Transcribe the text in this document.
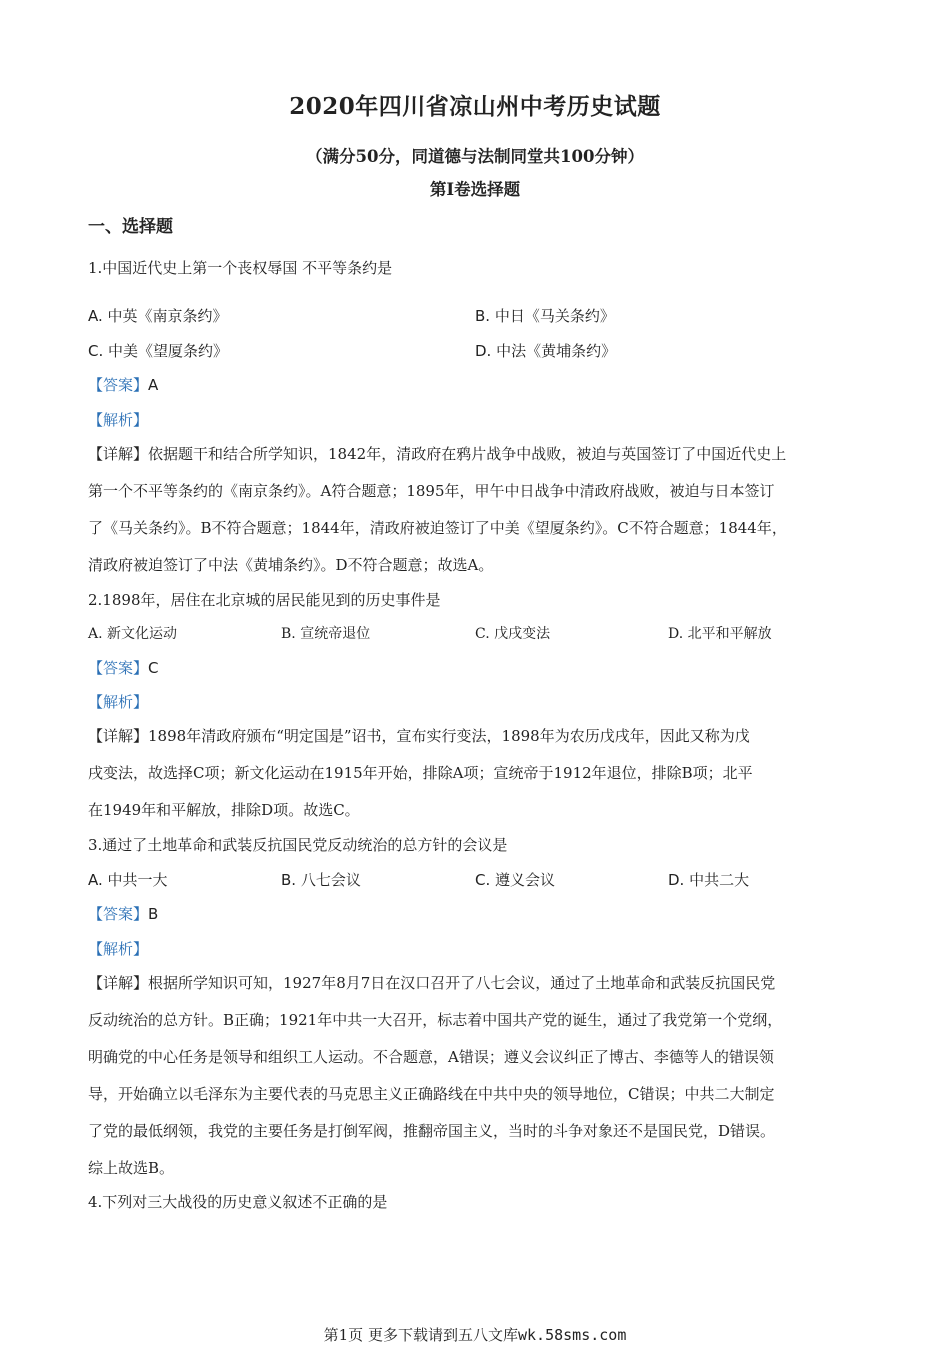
2020年四川省凉山州中考历史试题
（满分50分，同道德与法制同堂共100分钟）
第Ⅰ卷选择题
一、选择题
1.中国近代史上第一个丧权辱国 不平等条约是
A. 中英《南京条约》	B. 中日《马关条约》
C. 中美《望厦条约》	D. 中法《黄埔条约》
【答案】A
【解析】
【详解】依据题干和结合所学知识，1842年，清政府在鸦片战争中战败，被迫与英国签订了中国近代史上
第一个不平等条约的《南京条约》。A符合题意；1895年，甲午中日战争中清政府战败，被迫与日本签订
了《马关条约》。B不符合题意；1844年，清政府被迫签订了中美《望厦条约》。C不符合题意；1844年，
清政府被迫签订了中法《黄埔条约》。D不符合题意；故选A。
2.1898年，居住在北京城的居民能见到的历史事件是
A. 新文化运动	B. 宣统帝退位	C. 戊戌变法	D. 北平和平解放
【答案】C
【解析】
【详解】1898年清政府颁布“明定国是”诏书，宣布实行变法，1898年为农历戊戌年，因此又称为戊
戌变法，故选择C项；新文化运动在1915年开始，排除A项；宣统帝于1912年退位，排除B项；北平
在1949年和平解放，排除D项。故选C。
3.通过了土地革命和武装反抗国民党反动统治的总方针的会议是
A. 中共一大	B. 八七会议	C. 遵义会议	D. 中共二大
【答案】B
【解析】
【详解】根据所学知识可知，1927年8月7日在汉口召开了八七会议，通过了土地革命和武装反抗国民党
反动统治的总方针。B正确；1921年中共一大召开，标志着中国共产党的诞生，通过了我党第一个党纲，
明确党的中心任务是领导和组织工人运动。不合题意，A错误；遵义会议纠正了博古、李德等人的错误领
导，开始确立以毛泽东为主要代表的马克思主义正确路线在中共中央的领导地位，C错误；中共二大制定
了党的最低纲领，我党的主要任务是打倒军阀，推翻帝国主义，当时的斗争对象还不是国民党，D错误。
综上故选B。
4.下列对三大战役的历史意义叙述不正确的是
第1页 更多下载请到五八文库wk.58sms.com
